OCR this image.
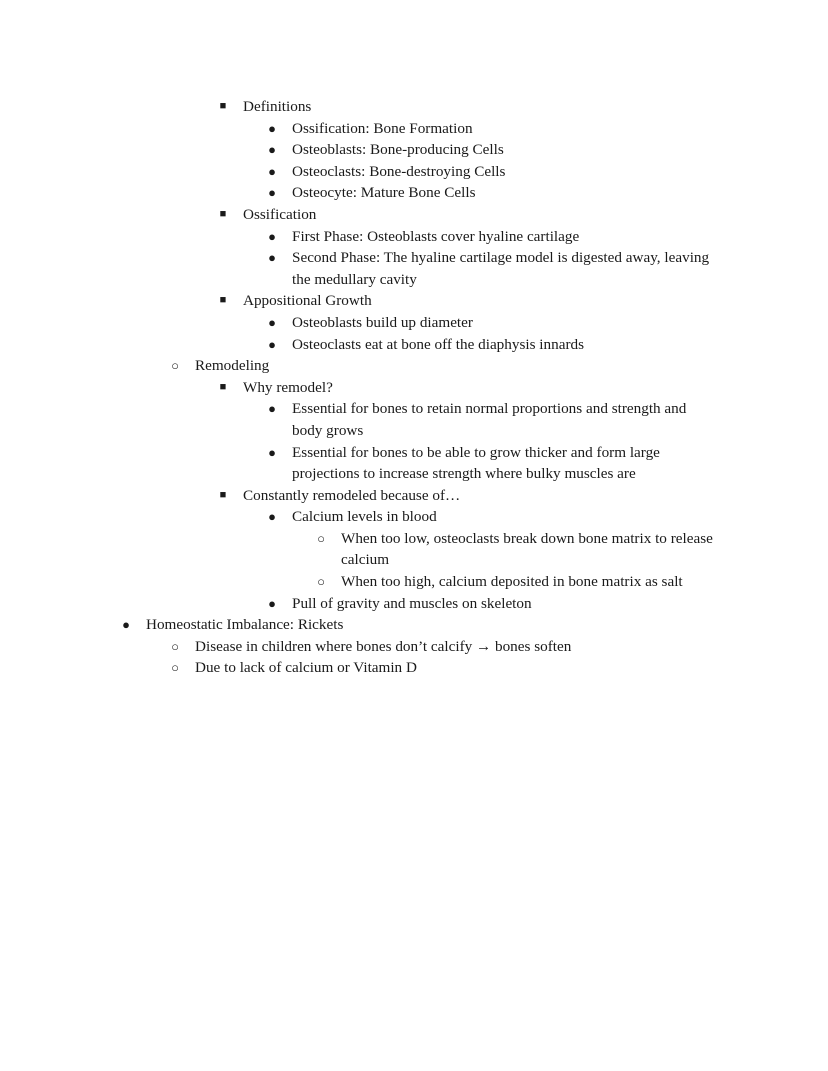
■	Definitions
●	Ossification: Bone Formation
●	Osteoblasts: Bone-producing Cells
●	Osteoclasts: Bone-destroying Cells
●	Osteocyte: Mature Bone Cells
■	Ossification
●	First Phase: Osteoblasts cover hyaline cartilage
●	Second Phase: The hyaline cartilage model is digested away, leaving the medullary cavity
■	Appositional Growth
●	Osteoblasts build up diameter
●	Osteoclasts eat at bone off the diaphysis innards
○	Remodeling
■	Why remodel?
●	Essential for bones to retain normal proportions and strength and body grows
●	Essential for bones to be able to grow thicker and form large projections to increase strength where bulky muscles are
■	Constantly remodeled because of…
●	Calcium levels in blood
○	When too low, osteoclasts break down bone matrix to release calcium
○	When too high, calcium deposited in bone matrix as salt
●	Pull of gravity and muscles on skeleton
●	Homeostatic Imbalance: Rickets
○	Disease in children where bones don’t calcify → bones soften
○	Due to lack of calcium or Vitamin D
